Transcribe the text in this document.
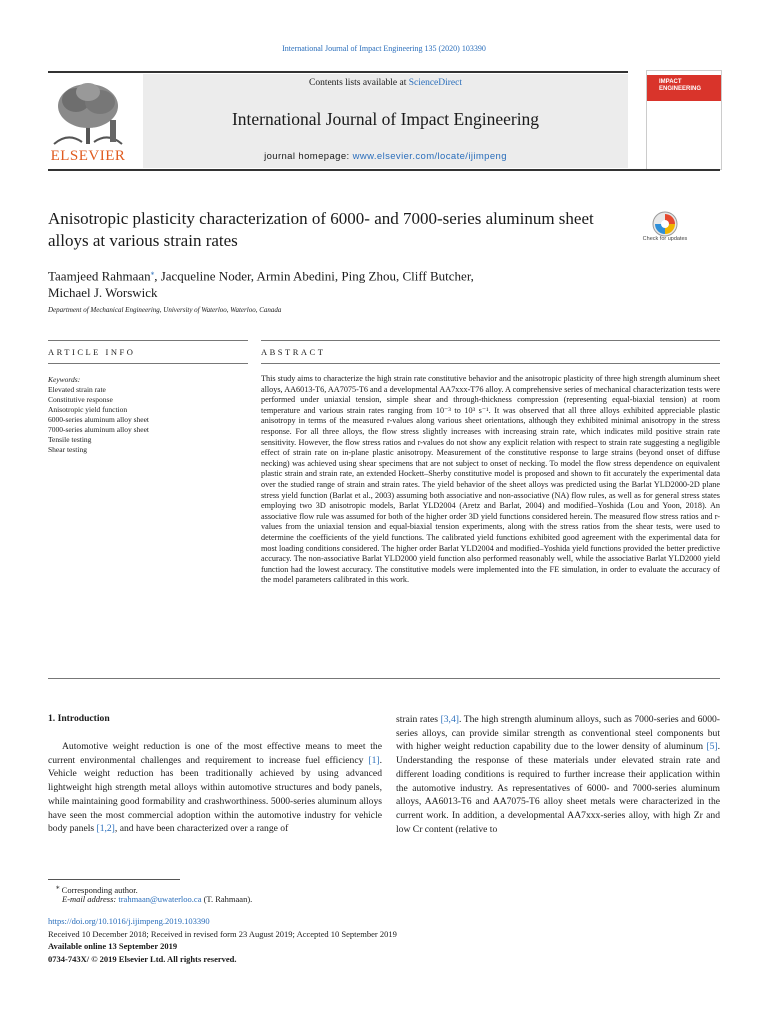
International Journal of Impact Engineering 135 (2020) 103390
ELSEVIER
Contents lists available at ScienceDirect
International Journal of Impact Engineering
journal homepage: www.elsevier.com/locate/ijimpeng
IMPACT ENGINEERING
Anisotropic plasticity characterization of 6000- and 7000-series aluminum sheet alloys at various strain rates	Check for updates
Taamjeed Rahmaan⁎, Jacqueline Noder, Armin Abedini, Ping Zhou, Cliff Butcher,
Michael J. Worswick
Department of Mechanical Engineering, University of Waterloo, Waterloo, Canada
ARTICLE INFO	ABSTRACT
Keywords:
Elevated strain rate
Constitutive response
Anisotropic yield function
6000-series aluminum alloy sheet
7000-series aluminum alloy sheet
Tensile testing
Shear testing
This study aims to characterize the high strain rate constitutive behavior and the anisotropic plasticity of three high strength aluminum sheet alloys, AA6013-T6, AA7075-T6 and a developmental AA7xxx-T76 alloy. A comprehensive series of mechanical characterization tests were performed under uniaxial tension, simple shear and through-thickness compression (representing equal-biaxial tension) at room temperature and various strain rates ranging from 10⁻³ to 10³ s⁻¹. It was observed that all three alloys exhibited appreciable plastic anisotropy in terms of the measured r-values along various sheet orientations, although they exhibited minimal anisotropy in the stress response. For all three alloys, the flow stress slightly increases with increasing strain rate, which indicates mild positive strain rate sensitivity. However, the flow stress ratios and r-values do not show any explicit relation with respect to strain rate suggesting a negligible effect of strain rate on in-plane plastic anisotropy. Measurement of the constitutive response to large strains (beyond onset of diffuse necking) was achieved using shear specimens that are not subject to onset of necking. To model the flow stress dependence on equivalent plastic strain and strain rate, an extended Hockett–Sherby constitutive model is proposed and shown to fit accurately the experimental data over the studied range of strain and strain rates. The yield behavior of the sheet alloys was predicted using the Barlat YLD2000-2D plane stress yield function (Barlat et al., 2003) assuming both associative and non-associative (NA) flow rules, as well as for general stress states employing two 3D anisotropic models, Barlat YLD2004 (Aretz and Barlat, 2004) and modified–Yoshida (Lou and Yoon, 2018). An associative flow rule was assumed for both of the higher order 3D yield functions considered herein. The measured flow stress ratios and r-values from the uniaxial tension and equal-biaxial tension experiments, along with the stress ratios from the shear tests, were used to determine the coefficients of the yield functions. The calibrated yield functions exhibited good agreement with the experimental data for most loading conditions considered. The higher order Barlat YLD2004 and modified–Yoshida yield functions provided the better predictive accuracy. The non-associative Barlat YLD2000 yield function also performed reasonably well, while the associative Barlat YLD2000 yield function had the lowest accuracy. The constitutive models were implemented into the FE simulation, in order to evaluate the accuracy of the model parameters calibrated in this work.
1. Introduction
Automotive weight reduction is one of the most effective means to meet the current environmental challenges and requirement to increase fuel efficiency [1]. Vehicle weight reduction has been traditionally achieved by using advanced lightweight high strength metal alloys within automotive structures and body panels, while maintaining good formability and crashworthiness. 5000-series aluminum alloys have seen the most commercial adoption within the automotive industry for vehicle body panels [1,2], and have been characterized over a range of
strain rates [3,4]. The high strength aluminum alloys, such as 7000-series and 6000-series alloys, can provide similar strength as conventional steel components but with higher weight reduction capability due to the lower density of aluminum [5]. Understanding the response of these materials under elevated strain rate and different loading conditions is required to further increase their application within the automotive industry. As representatives of 6000- and 7000-series aluminum alloys, AA6013-T6 and AA7075-T6 alloy sheet metals were characterized in the current work. In addition, a developmental AA7xxx-series alloy, with high Zr and low Cr content (relative to
⁎ Corresponding author.
E-mail address: trahmaan@uwaterloo.ca (T. Rahmaan).
https://doi.org/10.1016/j.ijimpeng.2019.103390
Received 10 December 2018; Received in revised form 23 August 2019; Accepted 10 September 2019
Available online 13 September 2019
0734-743X/ © 2019 Elsevier Ltd. All rights reserved.
